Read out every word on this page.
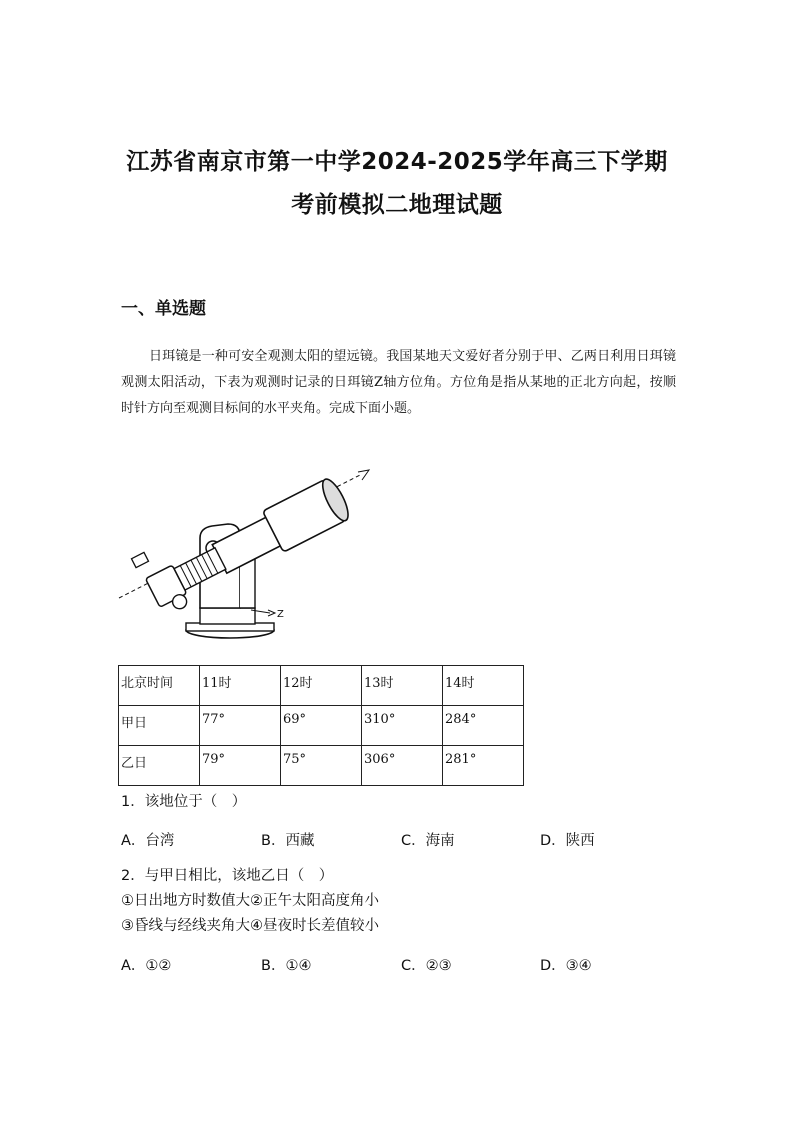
江苏省南京市第一中学2024-2025学年高三下学期
考前模拟二地理试题
一、单选题
日珥镜是一种可安全观测太阳的望远镜。我国某地天文爱好者分别于甲、乙两日利用日珥镜观测太阳活动，下表为观测时记录的日珥镜Z轴方位角。方位角是指从某地的正北方向起，按顺时针方向至观测目标间的水平夹角。完成下面小题。
Z
北京时间	11时	12时	13时	14时
甲日	77°	69°	310°	284°
乙日	79°	75°	306°	281°
1．该地位于（　）
A．台湾	B．西藏	C．海南	D．陕西
2．与甲日相比，该地乙日（　）
①日出地方时数值大②正午太阳高度角小
③昏线与经线夹角大④昼夜时长差值较小
A．①②	B．①④	C．②③	D．③④
